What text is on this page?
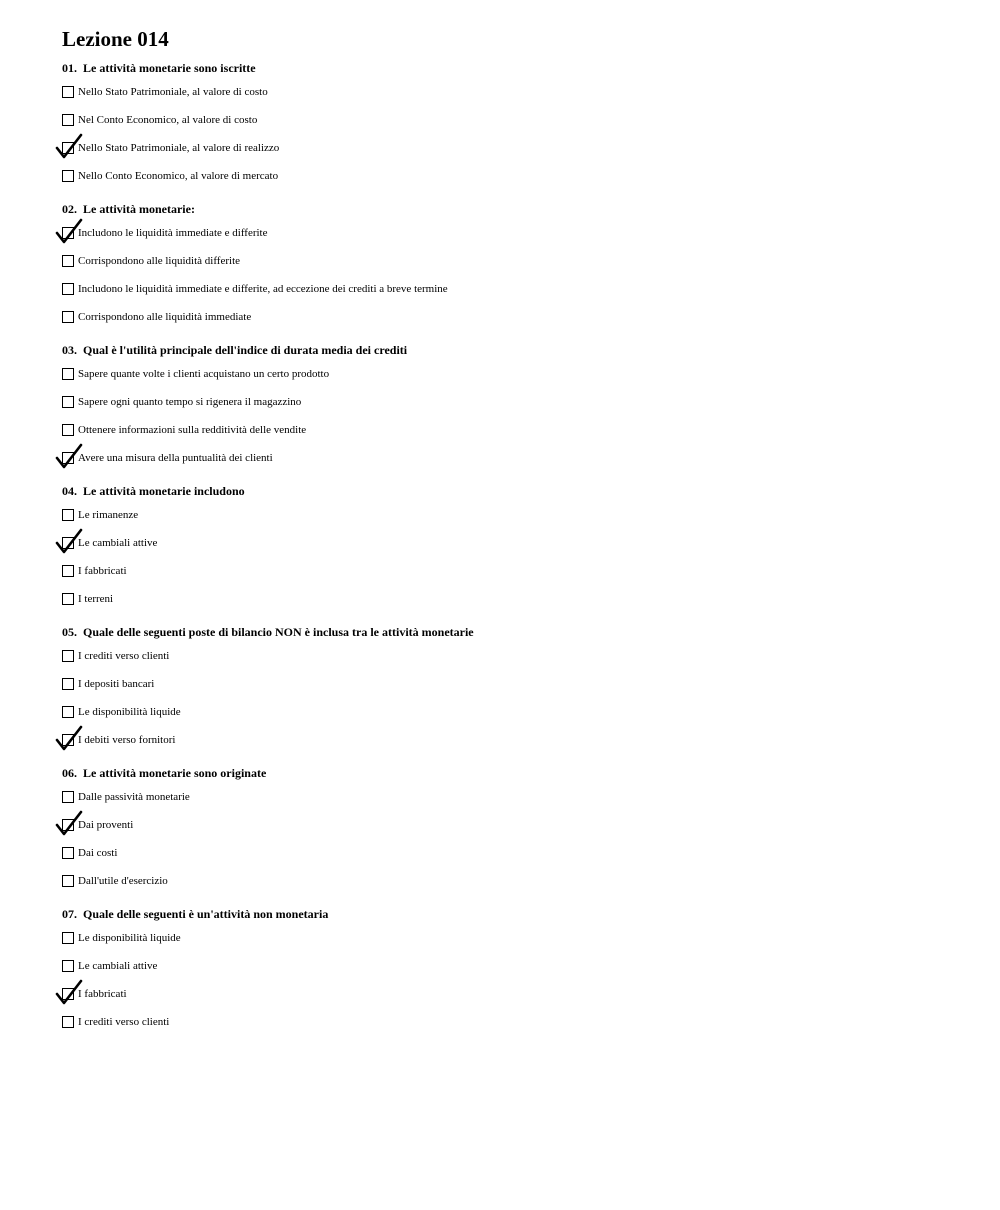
Lezione 014
01. Le attività monetarie sono iscritte
Nello Stato Patrimoniale, al valore di costo
Nel Conto Economico, al valore di costo
Nello Stato Patrimoniale, al valore di realizzo
Nello Conto Economico, al valore di mercato
02. Le attività monetarie:
Includono le liquidità immediate e differite
Corrispondono alle liquidità differite
Includono le liquidità immediate e differite, ad eccezione dei crediti a breve termine
Corrispondono alle liquidità immediate
03. Qual è l'utilità principale dell'indice di durata media dei crediti
Sapere quante volte i clienti acquistano un certo prodotto
Sapere ogni quanto tempo si rigenera il magazzino
Ottenere informazioni sulla redditività delle vendite
Avere una misura della puntualità dei clienti
04. Le attività monetarie includono
Le rimanenze
Le cambiali attive
I fabbricati
I terreni
05. Quale delle seguenti poste di bilancio NON è inclusa tra le attività monetarie
I crediti verso clienti
I depositi bancari
Le disponibilità liquide
I debiti verso fornitori
06. Le attività monetarie sono originate
Dalle passività monetarie
Dai proventi
Dai costi
Dall'utile d'esercizio
07. Quale delle seguenti è un'attività non monetaria
Le disponibilità liquide
Le cambiali attive
I fabbricati
I crediti verso clienti
